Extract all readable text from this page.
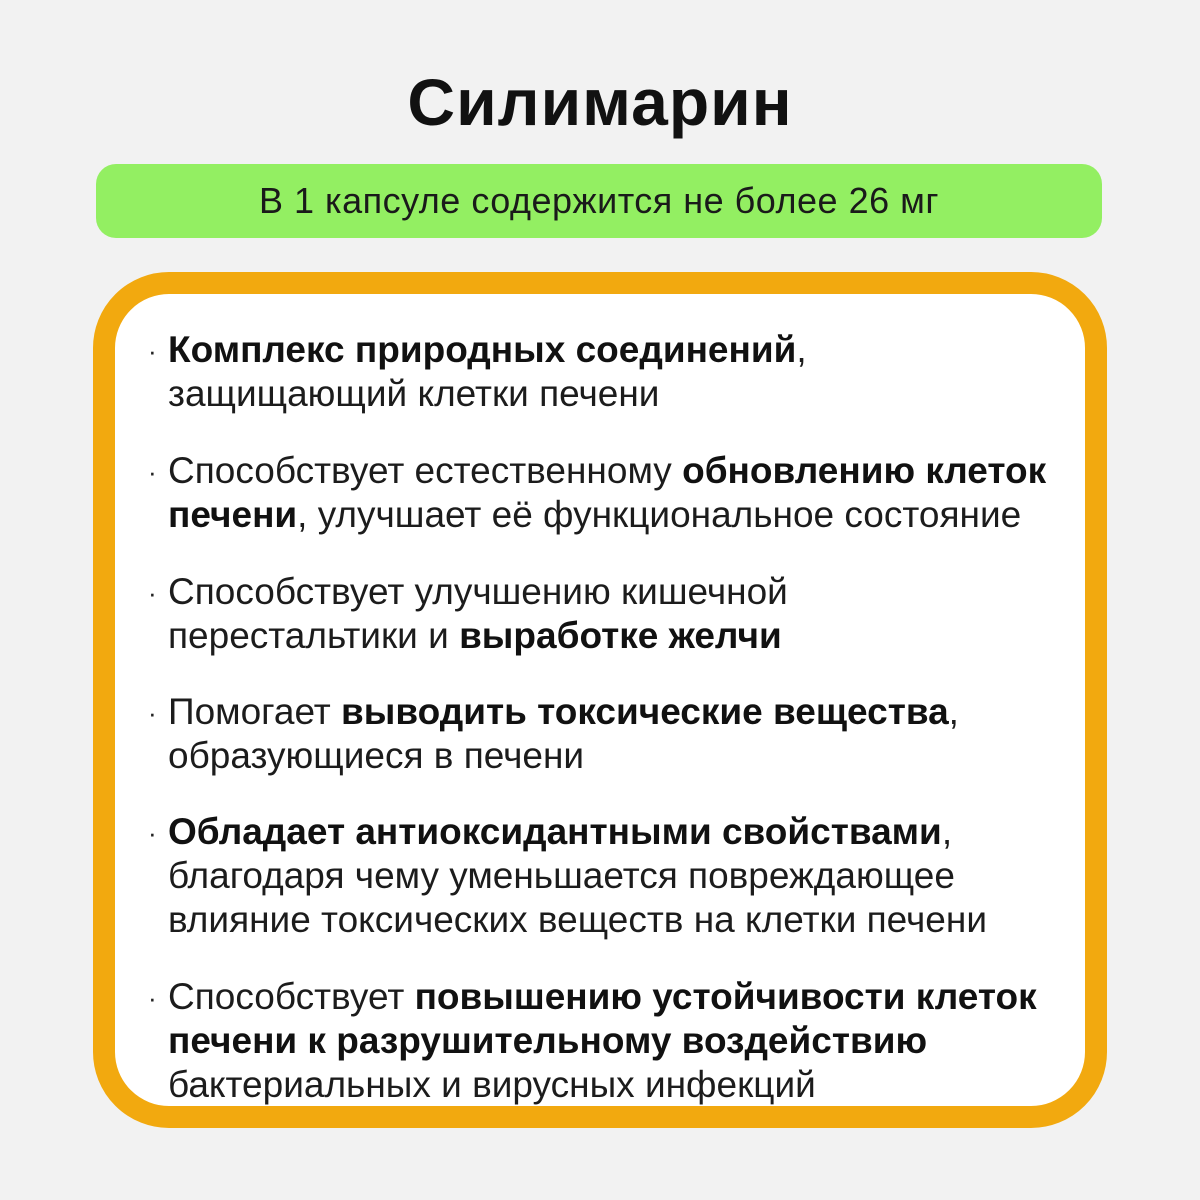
Силимарин
В 1 капсуле содержится не более 26 мг
· Комплекс природных соединений,
защищающий клетки печени
· Способствует естественному обновлению клеток
печени, улучшает её функциональное состояние
· Способствует улучшению кишечной
перестальтики и выработке желчи
· Помогает выводить токсические вещества,
образующиеся в печени
· Обладает антиоксидантными свойствами,
благодаря чему уменьшается повреждающее
влияние токсических веществ на клетки печени
· Способствует повышению устойчивости клеток
печени к разрушительному воздействию
бактериальных и вирусных инфекций
